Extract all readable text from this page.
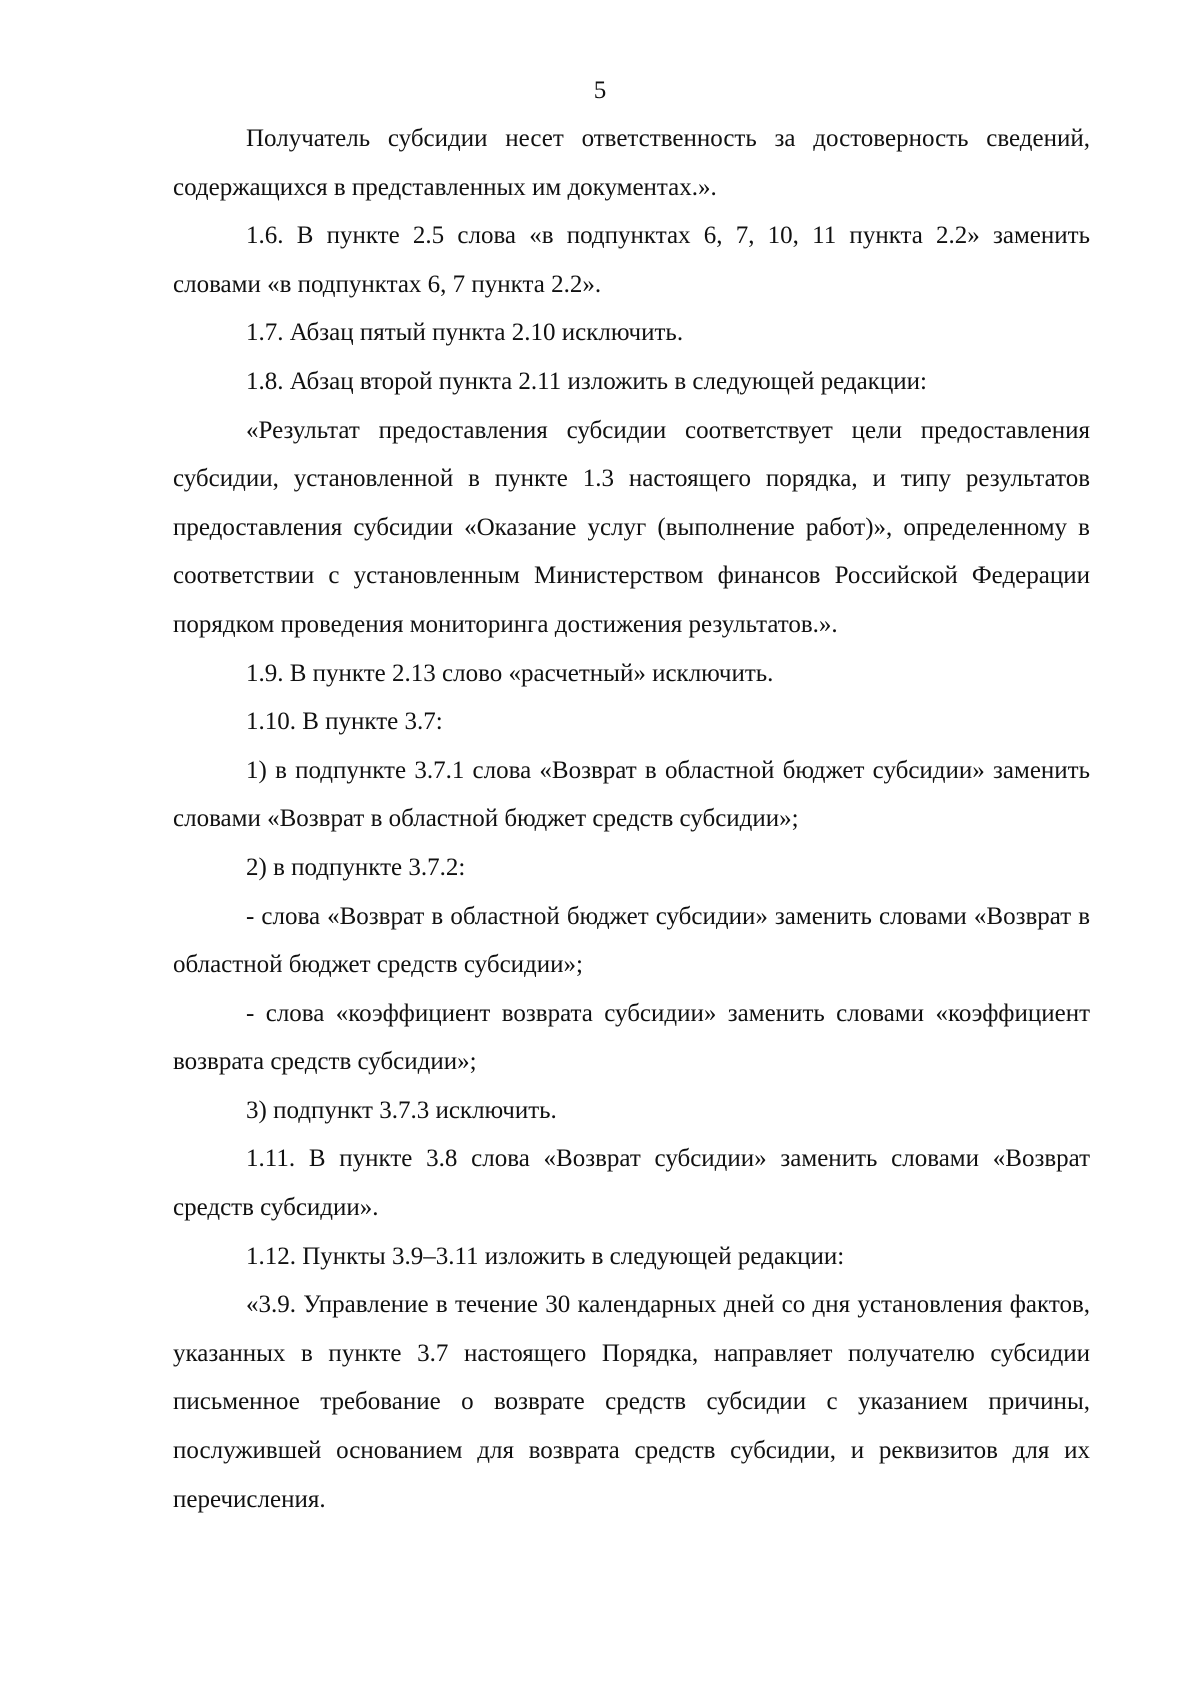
5

Получатель субсидии несет ответственность за достоверность сведений, содержащихся в представленных им документах.».

1.6. В пункте 2.5 слова «в подпунктах 6, 7, 10, 11 пункта 2.2» заменить словами «в подпунктах 6, 7 пункта 2.2».

1.7. Абзац пятый пункта 2.10 исключить.

1.8. Абзац второй пункта 2.11 изложить в следующей редакции:

«Результат предоставления субсидии соответствует цели предоставления субсидии, установленной в пункте 1.3 настоящего порядка, и типу результатов предоставления субсидии «Оказание услуг (выполнение работ)», определенному в соответствии с установленным Министерством финансов Российской Федерации порядком проведения мониторинга достижения результатов.».

1.9. В пункте 2.13 слово «расчетный» исключить.

1.10. В пункте 3.7:

1) в подпункте 3.7.1 слова «Возврат в областной бюджет субсидии» заменить словами «Возврат в областной бюджет средств субсидии»;

2) в подпункте 3.7.2:

- слова «Возврат в областной бюджет субсидии» заменить словами «Возврат в областной бюджет средств субсидии»;

- слова «коэффициент возврата субсидии» заменить словами «коэффициент возврата средств субсидии»;

3) подпункт 3.7.3 исключить.

1.11. В пункте 3.8 слова «Возврат субсидии» заменить словами «Возврат средств субсидии».

1.12. Пункты 3.9–3.11 изложить в следующей редакции:

«3.9. Управление в течение 30 календарных дней со дня установления фактов, указанных в пункте 3.7 настоящего Порядка, направляет получателю субсидии письменное требование о возврате средств субсидии с указанием причины, послужившей основанием для возврата средств субсидии, и реквизитов для их перечисления.
